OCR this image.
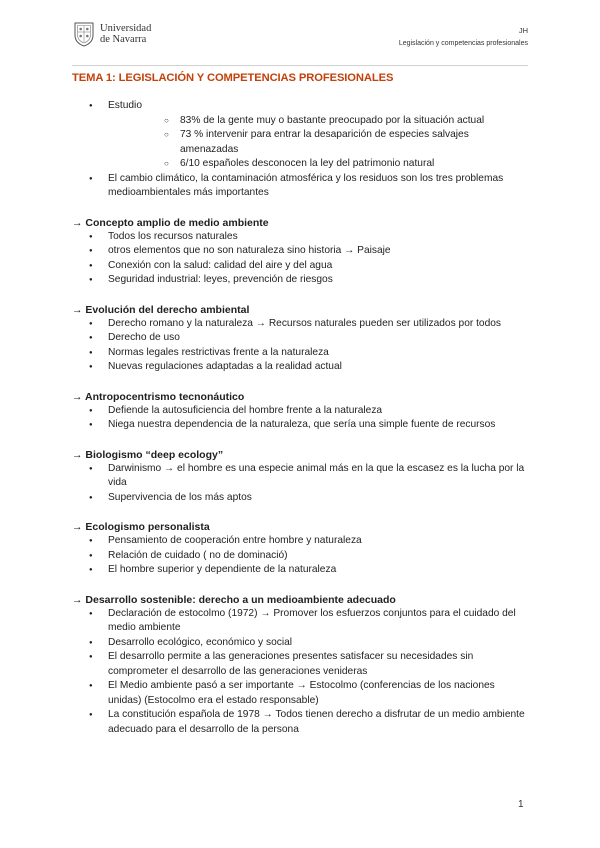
Universidad
de Navarra
JH
Legislación y competencias profesionales
TEMA 1: LEGISLACIÓN Y COMPETENCIAS PROFESIONALES
● Estudio
○ 83% de la gente muy o bastante preocupado por la situación actual
○ 73 % intervenir para entrar la desaparición de especies salvajes amenazadas
○ 6/10 españoles desconocen la ley del patrimonio natural
● El cambio climático, la contaminación atmosférica y los residuos son los tres problemas medioambientales más importantes
→ Concepto amplio de medio ambiente
● Todos los recursos naturales
● otros elementos que no son naturaleza sino historia → Paisaje
● Conexión con la salud: calidad del aire y del agua
● Seguridad industrial: leyes, prevención de riesgos
→ Evolución del derecho ambiental
● Derecho romano y la naturaleza → Recursos naturales pueden ser utilizados por todos
● Derecho de uso
● Normas legales restrictivas frente a la naturaleza
● Nuevas regulaciones adaptadas a la realidad actual
→ Antropocentrismo tecnonáutico
● Defiende la autosuficiencia del hombre frente a la naturaleza
● Niega nuestra dependencia de la naturaleza, que sería una simple fuente de recursos
→ Biologismo “deep ecology”
● Darwinismo → el hombre es una especie animal más en la que la escasez es la lucha por la vida
● Supervivencia de los más aptos
→ Ecologismo personalista
● Pensamiento de cooperación entre hombre y naturaleza
● Relación de cuidado ( no de dominació)
● El hombre superior y dependiente de la naturaleza
→ Desarrollo sostenible: derecho a un medioambiente adecuado
● Declaración de estocolmo (1972) → Promover los esfuerzos conjuntos para el cuidado del medio ambiente
● Desarrollo ecológico, económico y social
● El desarrollo permite a las generaciones presentes satisfacer su necesidades sin comprometer el desarrollo de las generaciones venideras
● El Medio ambiente pasó a ser importante → Estocolmo (conferencias de los naciones unidas) (Estocolmo era el estado responsable)
● La constitución española de 1978 → Todos tienen derecho a disfrutar de un medio ambiente adecuado para el desarrollo de la persona
1
